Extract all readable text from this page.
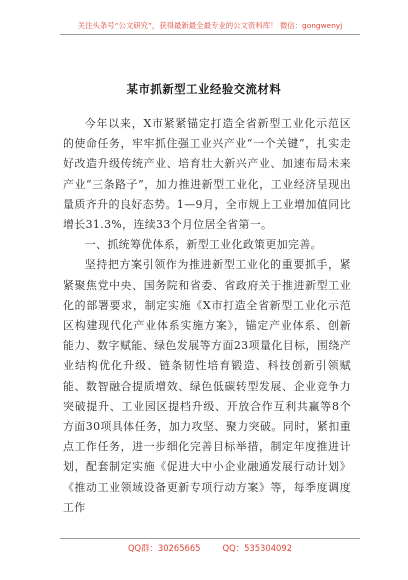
关注头条号“公文研究”，获得最新最全最专业的公文资料库！ 微信：gongwenyj
某市抓新型工业经验交流材料

今年以来，X市紧紧锚定打造全省新型工业化示范区的使命任务，牢牢抓住强工业兴产业“一个关键”，扎实走好改造升级传统产业、培育壮大新兴产业、加速布局未来产业“三条路子”，加力推进新型工业化，工业经济呈现出量质齐升的良好态势。1—9月，全市规上工业增加值同比增长31.3%，连续33个月位居全省第一。

一、抓统筹优体系，新型工业化政策更加完善。

坚持把方案引领作为推进新型工业化的重要抓手，紧紧聚焦党中央、国务院和省委、省政府关于推进新型工业化的部署要求，制定实施《X市打造全省新型工业化示范区构建现代化产业体系实施方案》，锚定产业体系、创新能力、数字赋能、绿色发展等方面23项量化目标，围绕产业结构优化升级、链条韧性培育锻造、科技创新引领赋能、数智融合提质增效、绿色低碳转型发展、企业竞争力突破提升、工业园区提档升级、开放合作互利共赢等8个方面30项具体任务，加力攻坚、聚力突破。同时，紧扣重点工作任务，进一步细化完善目标举措，制定年度推进计划，配套制定实施《促进大中小企业融通发展行动计划》《推动工业领域设备更新专项行动方案》等，每季度调度工作

QQ群：30265665	QQ：535304092
